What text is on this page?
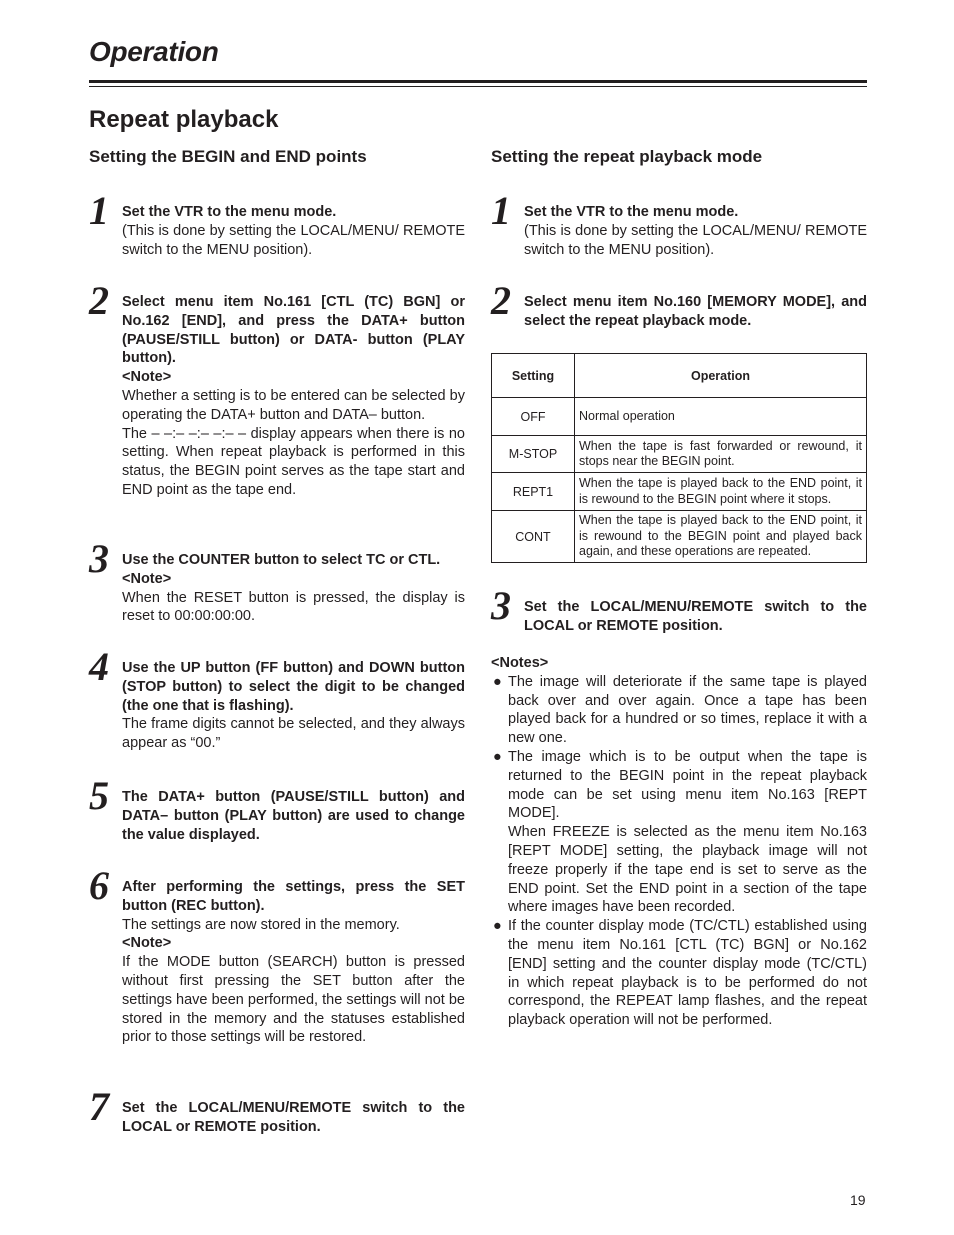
Operation
Repeat playback
Setting the BEGIN and END points
1 Set the VTR to the menu mode.
(This is done by setting the LOCAL/MENU/ REMOTE switch to the MENU position).
2 Select menu item No.161 [CTL (TC) BGN] or No.162 [END], and press the DATA+ button (PAUSE/STILL button) or DATA- button (PLAY button).
<Note>
Whether a setting is to be entered can be selected by operating the DATA+ button and DATA– button.
The – –:– –:– –:– – display appears when there is no setting. When repeat playback is performed in this status, the BEGIN point serves as the tape start and END point as the tape end.
3 Use the COUNTER button to select TC or CTL.
<Note>
When the RESET button is pressed, the display is reset to 00:00:00:00.
4 Use the UP button (FF button) and DOWN button (STOP button) to select the digit to be changed (the one that is flashing).
The frame digits cannot be selected, and they always appear as “00.”
5 The DATA+ button (PAUSE/STILL button) and DATA– button (PLAY button) are used to change the value displayed.
6 After performing the settings, press the SET button (REC button).
The settings are now stored in the memory.
<Note>
If the MODE button (SEARCH) button is pressed without first pressing the SET button after the settings have been performed, the settings will not be stored in the memory and the statuses established prior to those settings will be restored.
7 Set the LOCAL/MENU/REMOTE switch to the LOCAL or REMOTE position.
Setting the repeat playback mode
1 Set the VTR to the menu mode.
(This is done by setting the LOCAL/MENU/ REMOTE switch to the MENU position).
2 Select menu item No.160 [MEMORY MODE], and select the repeat playback mode.
Setting	Operation
OFF	Normal operation
M-STOP	When the tape is fast forwarded or rewound, it stops near the BEGIN point.
REPT1	When the tape is played back to the END point, it is rewound to the BEGIN point where it stops.
CONT	When the tape is played back to the END point, it is rewound to the BEGIN point and played back again, and these operations are repeated.
3 Set the LOCAL/MENU/REMOTE switch to the LOCAL or REMOTE position.
<Notes>
● The image will deteriorate if the same tape is played back over and over again. Once a tape has been played back for a hundred or so times, replace it with a new one.

● The image which is to be output when the tape is returned to the BEGIN point in the repeat playback mode can be set using menu item No.163 [REPT MODE].

When FREEZE is selected as the menu item No.163 [REPT MODE] setting, the playback image will not freeze properly if the tape end is set to serve as the END point. Set the END point in a section of the tape where images have been recorded.

● If the counter display mode (TC/CTL) established using the menu item No.161 [CTL (TC) BGN] or No.162 [END] setting and the counter display mode (TC/CTL) in which repeat playback is to be performed do not correspond, the REPEAT lamp flashes, and the repeat playback operation will not be performed.

19
